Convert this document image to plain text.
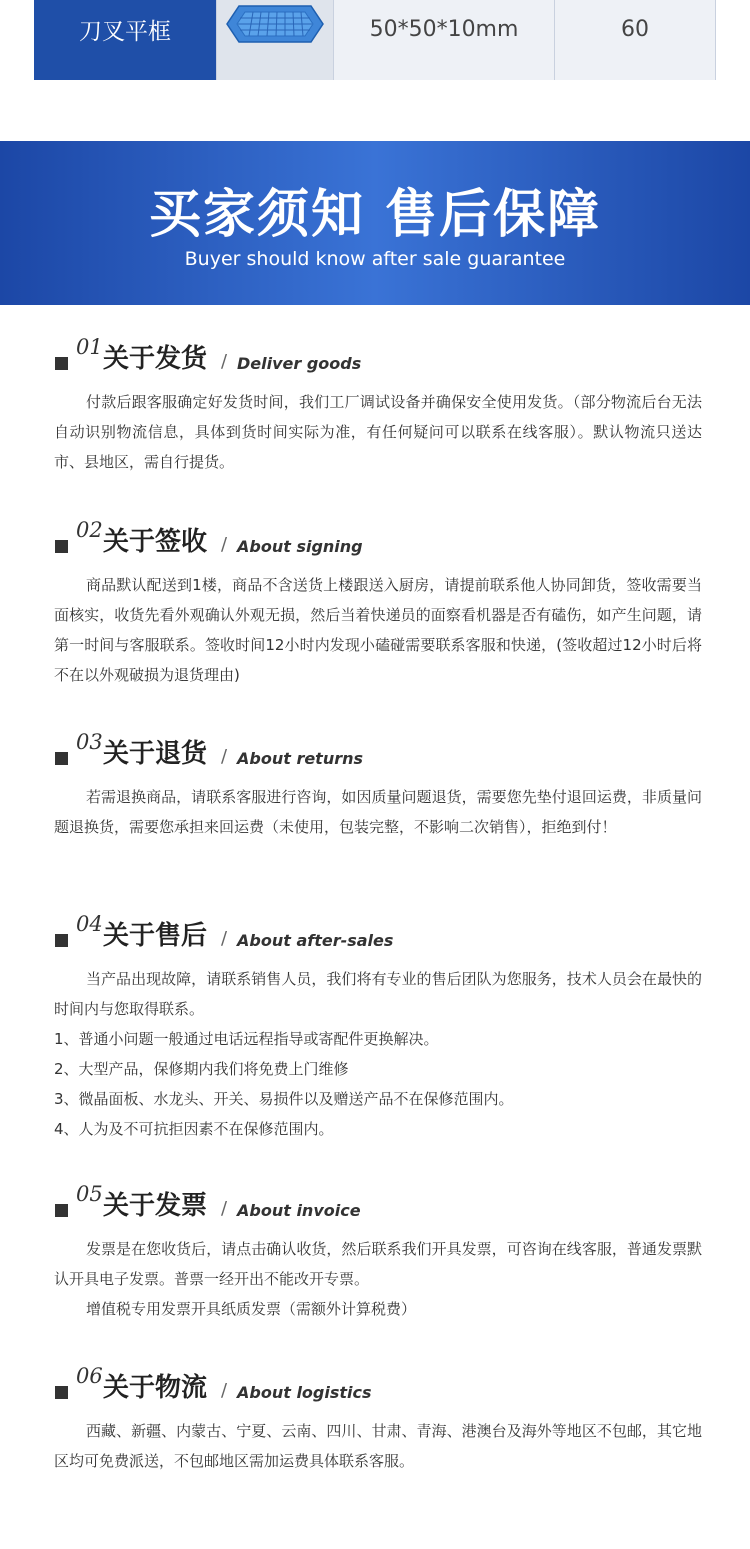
刀叉平框	50*50*10mm	60
买家须知 售后保障
Buyer should know after sale guarantee
01 关于发货 / Deliver goods

付款后跟客服确定好发货时间，我们工厂调试设备并确保安全使用发货。（部分物流后台无法自动识别物流信息，具体到货时间实际为准，有任何疑问可以联系在线客服）。默认物流只送达市、县地区，需自行提货。

02 关于签收 / About signing

商品默认配送到1楼，商品不含送货上楼跟送入厨房，请提前联系他人协同卸货，签收需要当面核实，收货先看外观确认外观无损，然后当着快递员的面察看机器是否有磕伤，如产生问题，请第一时间与客服联系。签收时间12小时内发现小磕碰需要联系客服和快递，(签收超过12小时后将不在以外观破损为退货理由)

03 关于退货 / About returns

若需退换商品，请联系客服进行咨询，如因质量问题退货，需要您先垫付退回运费，非质量问题退换货，需要您承担来回运费（未使用，包装完整，不影响二次销售），拒绝到付！

04 关于售后 / About after-sales

当产品出现故障，请联系销售人员，我们将有专业的售后团队为您服务，技术人员会在最快的时间内与您取得联系。

1、普通小问题一般通过电话远程指导或寄配件更换解决。

2、大型产品，保修期内我们将免费上门维修

3、微晶面板、水龙头、开关、易损件以及赠送产品不在保修范围内。

4、人为及不可抗拒因素不在保修范围内。

05 关于发票 / About invoice

发票是在您收货后，请点击确认收货，然后联系我们开具发票，可咨询在线客服，普通发票默认开具电子发票。普票一经开出不能改开专票。

增值税专用发票开具纸质发票（需额外计算税费）

06 关于物流 / About logistics

西藏、新疆、内蒙古、宁夏、云南、四川、甘肃、青海、港澳台及海外等地区不包邮，其它地区均可免费派送，不包邮地区需加运费具体联系客服。
